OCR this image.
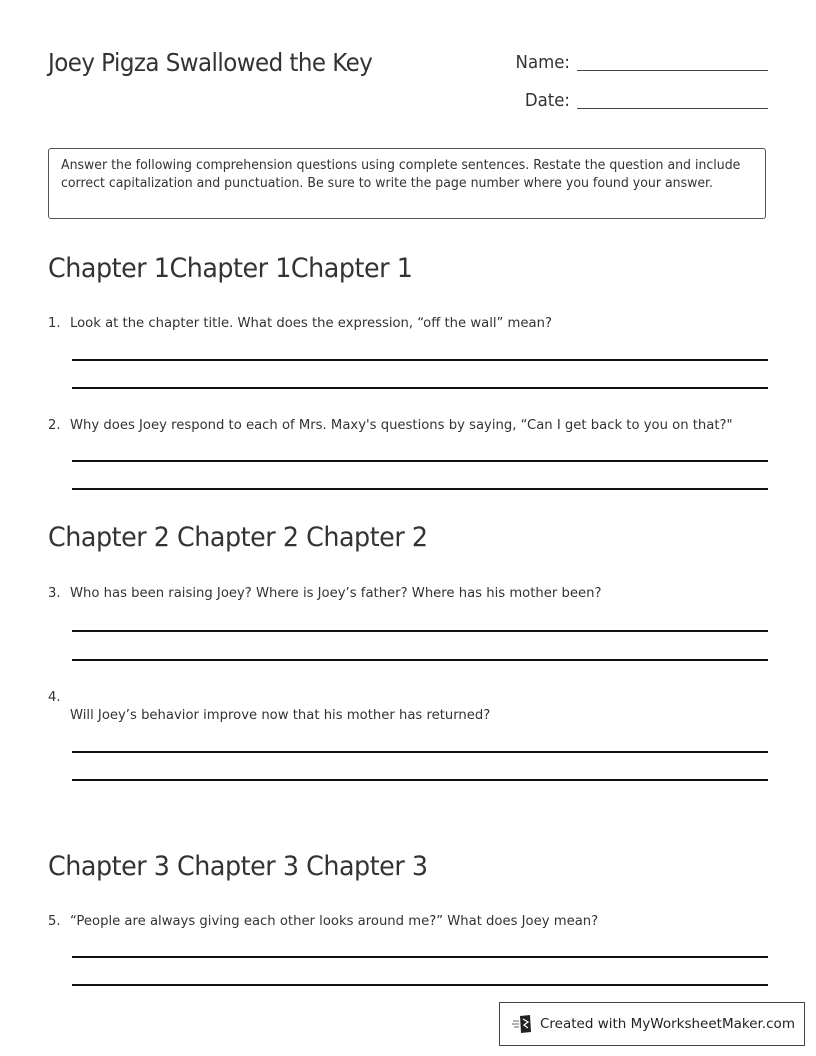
Joey Pigza Swallowed the Key	Name:
Date:
Answer the following comprehension questions using complete sentences. Restate the question and include correct capitalization and punctuation. Be sure to write the page number where you found your answer.
Chapter 1Chapter 1Chapter 1
1. Look at the chapter title. What does the expression, “off the wall” mean?
2. Why does Joey respond to each of Mrs. Maxy's questions by saying, “Can I get back to you on that?"
Chapter 2 Chapter 2 Chapter 2
3. Who has been raising Joey? Where is Joey’s father? Where has his mother been?
4.
Will Joey’s behavior improve now that his mother has returned?
Chapter 3 Chapter 3 Chapter 3
5. “People are always giving each other looks around me?” What does Joey mean?
Created with MyWorksheetMaker.com
